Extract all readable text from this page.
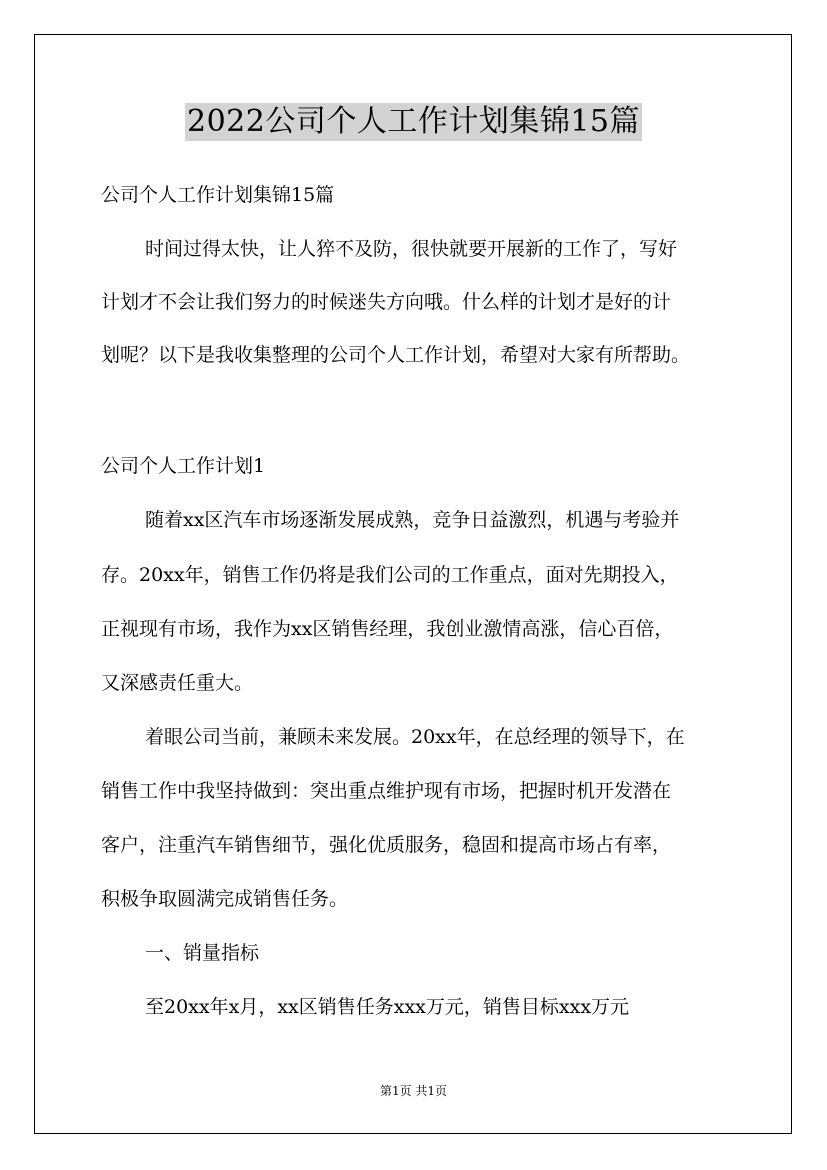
2022公司个人工作计划集锦15篇
公司个人工作计划集锦15篇
时间过得太快，让人猝不及防，很快就要开展新的工作了，写好
计划才不会让我们努力的时候迷失方向哦。什么样的计划才是好的计
划呢？以下是我收集整理的公司个人工作计划，希望对大家有所帮助。
公司个人工作计划1
随着xx区汽车市场逐渐发展成熟，竞争日益激烈，机遇与考验并
存。20xx年，销售工作仍将是我们公司的工作重点，面对先期投入，
正视现有市场，我作为xx区销售经理，我创业激情高涨，信心百倍，
又深感责任重大。
着眼公司当前，兼顾未来发展。20xx年，在总经理的领导下，在
销售工作中我坚持做到：突出重点维护现有市场，把握时机开发潜在
客户，注重汽车销售细节，强化优质服务，稳固和提高市场占有率，
积极争取圆满完成销售任务。
一、销量指标
至20xx年x月，xx区销售任务xxx万元，销售目标xxx万元
第1页 共1页
